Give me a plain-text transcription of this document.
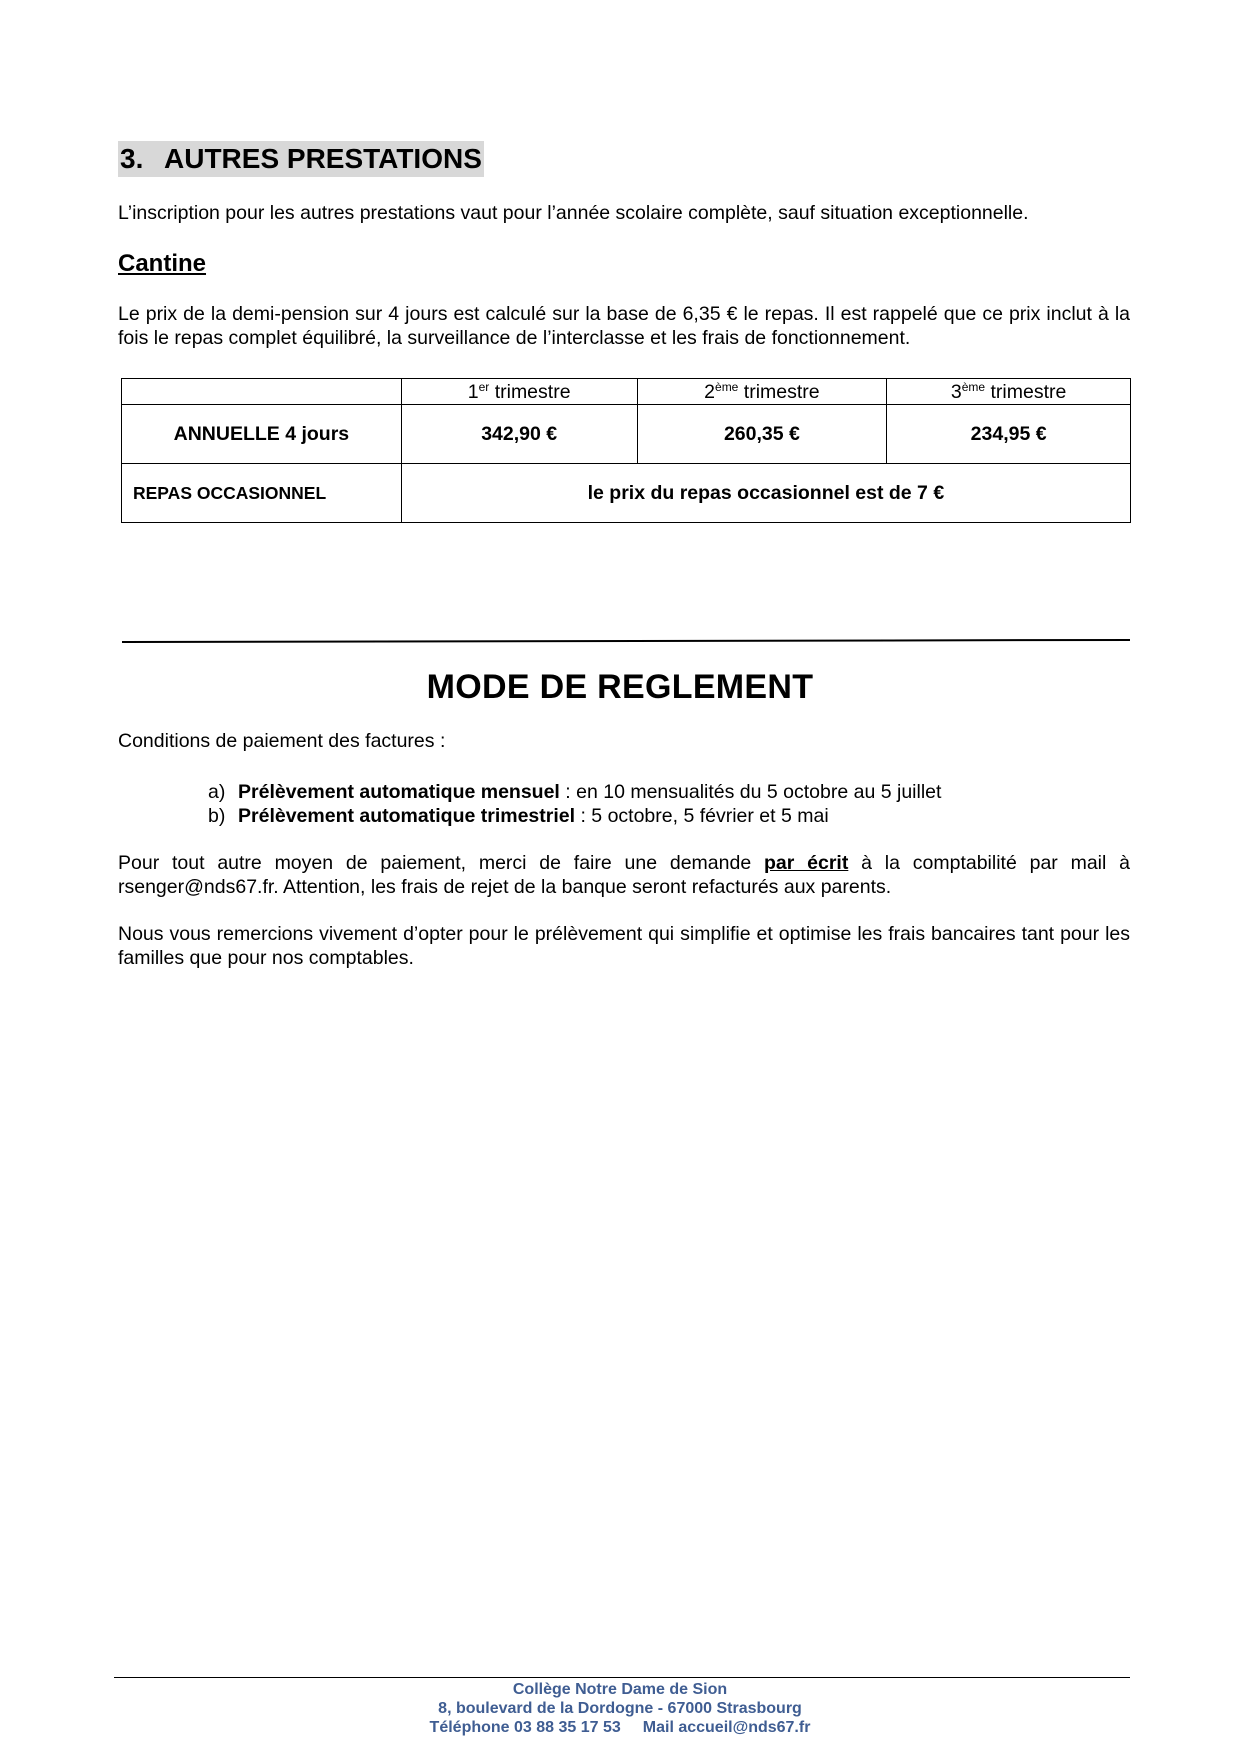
3. AUTRES PRESTATIONS
L’inscription pour les autres prestations vaut pour l’année scolaire complète, sauf situation exceptionnelle.
Cantine
Le prix de la demi-pension sur 4 jours est calculé sur la base de 6,35 € le repas. Il est rappelé que ce prix inclut à la fois le repas complet équilibré, la surveillance de l’interclasse et les frais de fonctionnement.
	1er trimestre	2ème trimestre	3ème trimestre
ANNUELLE 4 jours	342,90 €	260,35 €	234,95 €
REPAS OCCASIONNEL	le prix du repas occasionnel est de 7 €		
MODE DE REGLEMENT
Conditions de paiement des factures :
a) Prélèvement automatique mensuel : en 10 mensualités du 5 octobre au 5 juillet
b) Prélèvement automatique trimestriel : 5 octobre, 5 février et 5 mai
Pour tout autre moyen de paiement, merci de faire une demande par écrit à la comptabilité par mail à rsenger@nds67.fr. Attention, les frais de rejet de la banque seront refacturés aux parents.
Nous vous remercions vivement d’opter pour le prélèvement qui simplifie et optimise les frais bancaires tant pour les familles que pour nos comptables.
Collège Notre Dame de Sion
8, boulevard de la Dordogne - 67000 Strasbourg
Téléphone 03 88 35 17 53 Mail accueil@nds67.fr
